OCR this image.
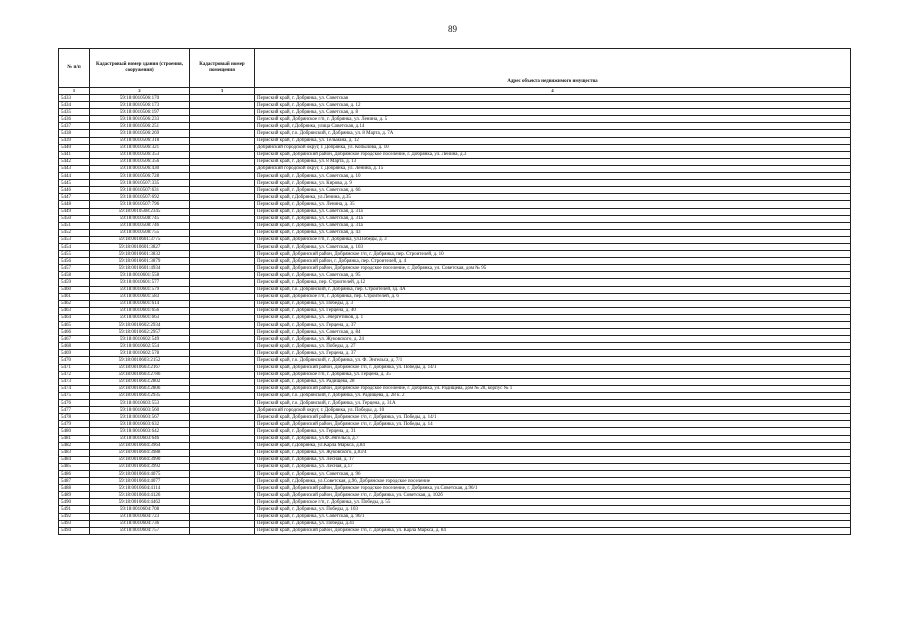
89
№ п/п	Кадастровый номер здания (строения, сооружения)	Кадастровый номер помещения	Адрес объекта недвижимого имущества
1	2	3	4
5433	59:18:0010506:170		Пермский край, г. Добрянка, ул. Советская
5434	59:18:0010506:173		Пермский край, г. Добрянка, ул. Советская, д. 12
5435	59:18:0010506:197		Пермский край, г. Добрянка, ул. Советская, д. 8
5436	59:18:0010506:233		Пермский край, Добрянское г/п, г. Добрянка, ул. Ленина, д. 5
5437	59:18:0010506:251		Пермский край, г.Добрянка, улица Советская, д.14
5438	59:18:0010506:269		Пермский край, г.о. Добрянский, г. Добрянка, ул. 8 Марта, д. 7А
5439	59:18:0010506:318		Пермский край, г. Добрянка, ул. Тельмана, д. 12
5440	59:18:0010506:321		Добрянский городской округ, г. Добрянка, ул. Копылова, д. 10
5441	59:18:0010506:353		Пермский край, Добрянский район, Добрянское городское поселение, г. Добрянка, ул. Ленина, д.3
5442	59:18:0010506:356		Пермский край, г. Добрянка, ул. 8 Марта, д. 13
5443	59:18:0010506:430		Добрянский городской округ, г. Добрянка, ул. Ленина, д. 15
5444	59:18:0010506:728		Пермский край, г. Добрянка, ул. Советская, д. 10
5445	59:18:0010507:335		Пермский край, г. Добрянка, ул. Кирова, д. 9
5446	59:18:0010507:631		Пермский край, г. Добрянка, ул. Советская, д. 66
5447	59:18:0010507:692		Пермский край, г.Добрянка, ул.Ленина, д.35
5448	59:18:0010507:796		Пермский край, г. Добрянка, ул. Ленина, д. 35
5449	59:18:0010508:2345		Пермский край, г. Добрянка, ул. Советская, д. 31а
5450	59:18:0010508:745		Пермский край, г. Добрянка, ул. Советская, д. 31а
5451	59:18:0010508:746		Пермский край, г. Добрянка, ул. Советская, д. 31а
5452	59:18:0010508:755		Пермский край, г. Добрянка, ул. Советская, д. 43
5453	59:18:0010601:3775		Пермский край, Добрянское г/п, г. Добрянка, ул.Победы, д. 3
5454	59:18:0010601:3827		Пермский край, г. Добрянка, ул. Советская, д. 103
5455	59:18:0010601:3832		Пермский край, Добрянский район, Добрянское г/п, г. Добрянка, пер. Строителей, д. 10
5456	59:18:0010601:3879		Пермский край, Добрянский район, г. Добрянка, пер. Строителей, д. 4
5457	59:18:0010601:4934		Пермский край, Добрянский район, Добрянское городское поселение, г. Добрянка, ул. Советская, дом № 95
5458	59:18:0010601:558		Пермский край, г. Добрянка, ул. Советская, д. 95
5459	59:18:0010601:577		Пермский край, г. Добрянка, пер. Строителей, д.12
5460	59:18:0010601:579		Пермский край, г.о. Добрянский, г. Добрянка, пер. Строителей, зд. 4А
5461	59:18:0010601:583		Пермский край, Добрянское г/п, г. Добрянка, пер. Строителей, д. 6
5462	59:18:0010601:614		Пермский край, г. Добрянка, ул. Победы, д. 3
5463	59:18:0010601:656		Пермский край, г. Добрянка, ул. Герцена, д. 40
5464	59:18:0010601:663		Пермский край, г. Добрянка, ул. Энергетиков, д. 1
5465	59:18:0010602:2934		Пермский край, г. Добрянка, ул. Герцена, д. 37
5466	59:18:0010602:2957		Пермский край, г. Добрянка, ул. Советская, д. 84
5467	59:18:0010602:549		Пермский край, г. Добрянка, ул. Жуковского, д. 24
5468	59:18:0010602:554		Пермский край, г. Добрянка, ул. Победы, д. 27
5469	59:18:0010602:578		Пермский край, г. Добрянка, ул. Герцена, д. 37
5470	59:18:0010603:2152		Пермский край, г.о. Добрянский, г. Добрянка, ул. Ф. Энгельса, д. 7/1
5471	59:18:0010603:2167		Пермский край, Добрянский район, Добрянское г/п, г. Добрянка, ул. Победы, д. 14/1
5472	59:18:0010603:2786		Пермский край, Добрянское г/п, г. Добрянка, ул. Герцена, д. 35
5473	59:18:0010603:2802		Пермский край, г. Добрянка, ул. Радищева, 28
5474	59:18:0010603:2806		Пермский край, Добрянский район, Добрянское городское поселение, г. Добрянка, ул. Радищева, дом № 28, корпус № 1
5475	59:18:0010603:2935		Пермский край, г.о. Добрянский, г. Добрянка, ул. Радищева, д. 28 к. 2
5476	59:18:0010603:553		Пермский край, г.о. Добрянский, г. Добрянка, ул. Герцена, д. 31А
5477	59:18:0010603:560		Добрянский городской округ, г. Добрянка, ул. Победы, д. 10
5478	59:18:0010603:567		Пермский край, Добрянский район, Добрянское г/п, г. Добрянка, ул. Победы, д. 14/1
5479	59:18:0010603:632		Пермский край, Добрянский район, Добрянское г/п, г. Добрянка, ул. Победы, д. 14
5480	59:18:0010603:642		Пермский край, г. Добрянка, ул. Герцена, д. 31
5481	59:18:0010603:646		Пермский край, г. Добрянка, ул.Ф.Энгельса, д.7
5482	59:18:0010604:3964		Пермский край, г.Добрянка, ул.Карла Маркса, д.84
5483	59:18:0010604:3988		Пермский край, г. Добрянка, ул. Жуковского, д.83/4
5484	59:18:0010604:3990		Пермский край, г. Добрянка, ул. Лесная, д. 17
5485	59:18:0010604:3992		Пермский край, г. Добрянка, ул. Лесная, д.17
5486	59:18:0010604:4075		Пермский край, г. Добрянка, ул. Советская, д. 96
5487	59:18:0010604:4077		Пермский край, г.Добрянка, ул.Советская, д.96, Добрянское городское поселение
5488	59:18:0010604:4114		Пермский край, Добрянский район, Добрянское городское поселение, г. Добрянка, ул.Советская, д.96/1
5489	59:18:0010604:4126		Пермский край, Добрянский район, Добрянское г/п, г. Добрянка, ул. Советская, д. 102б
5490	59:18:0010604:4462		Пермский край, Добрянское г/п, г. Добрянка, ул. Победы, д. 55
5491	59:18:0010604:708		Пермский край, г. Добрянка, ул. Победы, д. 103
5492	59:18:0010604:723		Пермский край, г. Добрянка, ул. Советская, д. 96/1
5493	59:18:0010604:736		Пермский край, г. Добрянка, ул. Победы, д.41
5494	59:18:0010604:757		Пермский край, Добрянский район, Добрянское г/п, г. Добрянка, ул. Карла Маркса, д. 84
